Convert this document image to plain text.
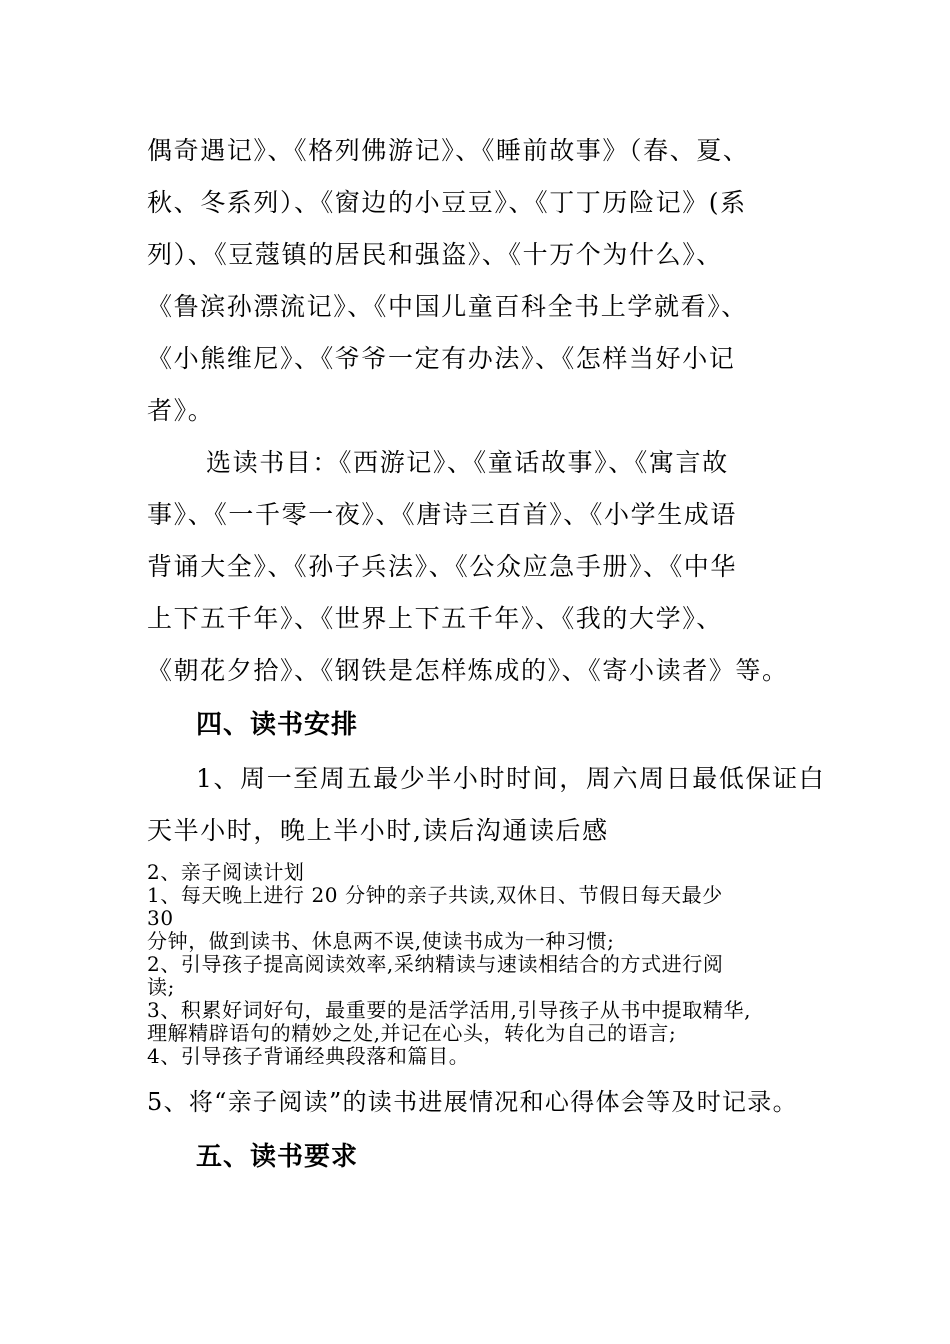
偶奇遇记》、《格列佛游记》、《睡前故事》（春、夏、
秋、冬系列）、《窗边的小豆豆》、《丁丁历险记》(系
列）、《豆蔻镇的居民和强盗》、《十万个为什么》、
《鲁滨孙漂流记》、《中国儿童百科全书上学就看》、
《小熊维尼》、《爷爷一定有办法》、《怎样当好小记
者》。
选读书目：《西游记》、《童话故事》、《寓言故
事》、《一千零一夜》、《唐诗三百首》、《小学生成语
背诵大全》、《孙子兵法》、《公众应急手册》、《中华
上下五千年》、《世界上下五千年》、《我的大学》、
《朝花夕拾》、《钢铁是怎样炼成的》、《寄小读者》等。
四、读书安排
1、周一至周五最少半小时时间，周六周日最低保证白
天半小时，晚上半小时,读后沟通读后感
2、亲子阅读计划
1、每天晚上进行 20 分钟的亲子共读,双休日、节假日每天最少
30
分钟，做到读书、休息两不误,使读书成为一种习惯;
2、引导孩子提高阅读效率,采纳精读与速读相结合的方式进行阅
读;
3、积累好词好句，最重要的是活学活用,引导孩子从书中提取精华,
理解精辟语句的精妙之处,并记在心头，转化为自己的语言;
4、引导孩子背诵经典段落和篇目。
5、将“亲子阅读”的读书进展情况和心得体会等及时记录。
五、读书要求
